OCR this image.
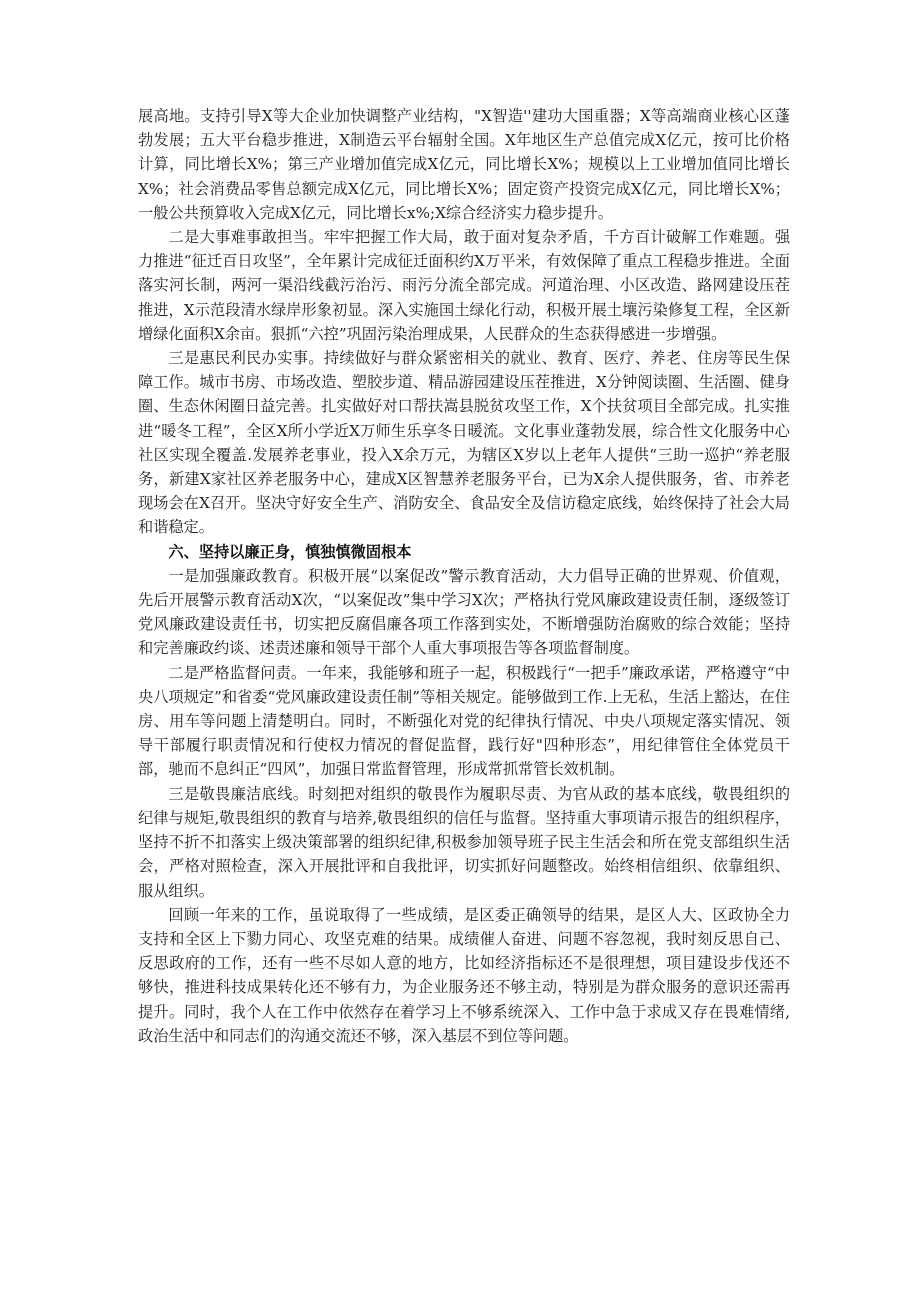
展高地。支持引导X等大企业加快调整产业结构，"X智造''建功大国重器；X等高端商业核心区蓬勃发展；五大平台稳步推进，X制造云平台辐射全国。X年地区生产总值完成X亿元，按可比价格计算，同比增长X%；第三产业增加值完成X亿元，同比增长X%；规模以上工业增加值同比增长X%；社会消费品零售总额完成X亿元，同比增长X%；固定资产投资完成X亿元，同比增长X%；一般公共预算收入完成X亿元，同比增长x%;X综合经济实力稳步提升。

二是大事难事敢担当。牢牢把握工作大局，敢于面对复杂矛盾，千方百计破解工作难题。强力推进“征迁百日攻坚”，全年累计完成征迁面积约X万平米，有效保障了重点工程稳步推进。全面落实河长制，两河一渠沿线截污治污、雨污分流全部完成。河道治理、小区改造、路网建设压茬推进，X示范段清水绿岸形象初显。深入实施国土绿化行动，积极开展土壤污染修复工程，全区新增绿化面积X余亩。狠抓“六控”巩固污染治理成果，人民群众的生态获得感进一步增强。

三是惠民利民办实事。持续做好与群众紧密相关的就业、教育、医疗、养老、住房等民生保障工作。城市书房、市场改造、塑胶步道、精品游园建设压茬推进，X分钟阅读圈、生活圈、健身圈、生态休闲圈日益完善。扎实做好对口帮扶嵩县脱贫攻坚工作，X个扶贫项目全部完成。扎实推进“暖冬工程”，全区X所小学近X万师生乐享冬日暖流。文化事业蓬勃发展，综合性文化服务中心社区实现全覆盖.发展养老事业，投入X余万元，为辖区X岁以上老年人提供“三助一巡护“养老服务，新建X家社区养老服务中心，建成X区智慧养老服务平台，已为X余人提供服务，省、市养老现场会在X召开。坚决守好安全生产、消防安全、食品安全及信访稳定底线，始终保持了社会大局和谐稳定。

六、坚持以廉正身，慎独慎微固根本

一是加强廉政教育。积极开展“以案促改”警示教育活动，大力倡导正确的世界观、价值观，先后开展警示教育活动X次，“以案促改”集中学习X次；严格执行党风廉政建设责任制，逐级签订党风廉政建设责任书，切实把反腐倡廉各项工作落到实处，不断增强防治腐败的综合效能；坚持和完善廉政约谈、述责述廉和领导干部个人重大事项报告等各项监督制度。

二是严格监督问责。一年来，我能够和班子一起，积极践行“一把手”廉政承诺，严格遵守“中央八项规定”和省委“党风廉政建设责任制”等相关规定。能够做到工作.上无私，生活上豁达，在住房、用车等问题上清楚明白。同时，不断强化对党的纪律执行情况、中央八项规定落实情况、领导干部履行职责情况和行使权力情况的督促监督，践行好"四种形态”，用纪律管住全体党员干部，驰而不息纠正“四风”，加强日常监督管理，形成常抓常管长效机制。

三是敬畏廉洁底线。时刻把对组织的敬畏作为履职尽责、为官从政的基本底线，敬畏组织的纪律与规矩,敬畏组织的教育与培养,敬畏组织的信任与监督。坚持重大事项请示报告的组织程序，坚持不折不扣落实上级决策部署的组织纪律,积极参加领导班子民主生活会和所在党支部组织生活会，严格对照检查，深入开展批评和自我批评，切实抓好问题整改。始终相信组织、依靠组织、服从组织。

回顾一年来的工作，虽说取得了一些成绩，是区委正确领导的结果，是区人大、区政协全力支持和全区上下勠力同心、攻坚克难的结果。成绩催人奋进、问题不容忽视，我时刻反思自己、反思政府的工作，还有一些不尽如人意的地方，比如经济指标还不是很理想，项目建设步伐还不够快，推进科技成果转化还不够有力，为企业服务还不够主动，特别是为群众服务的意识还需再提升。同时，我个人在工作中依然存在着学习上不够系统深入、工作中急于求成又存在畏难情绪,政治生活中和同志们的沟通交流还不够，深入基层不到位等问题。
